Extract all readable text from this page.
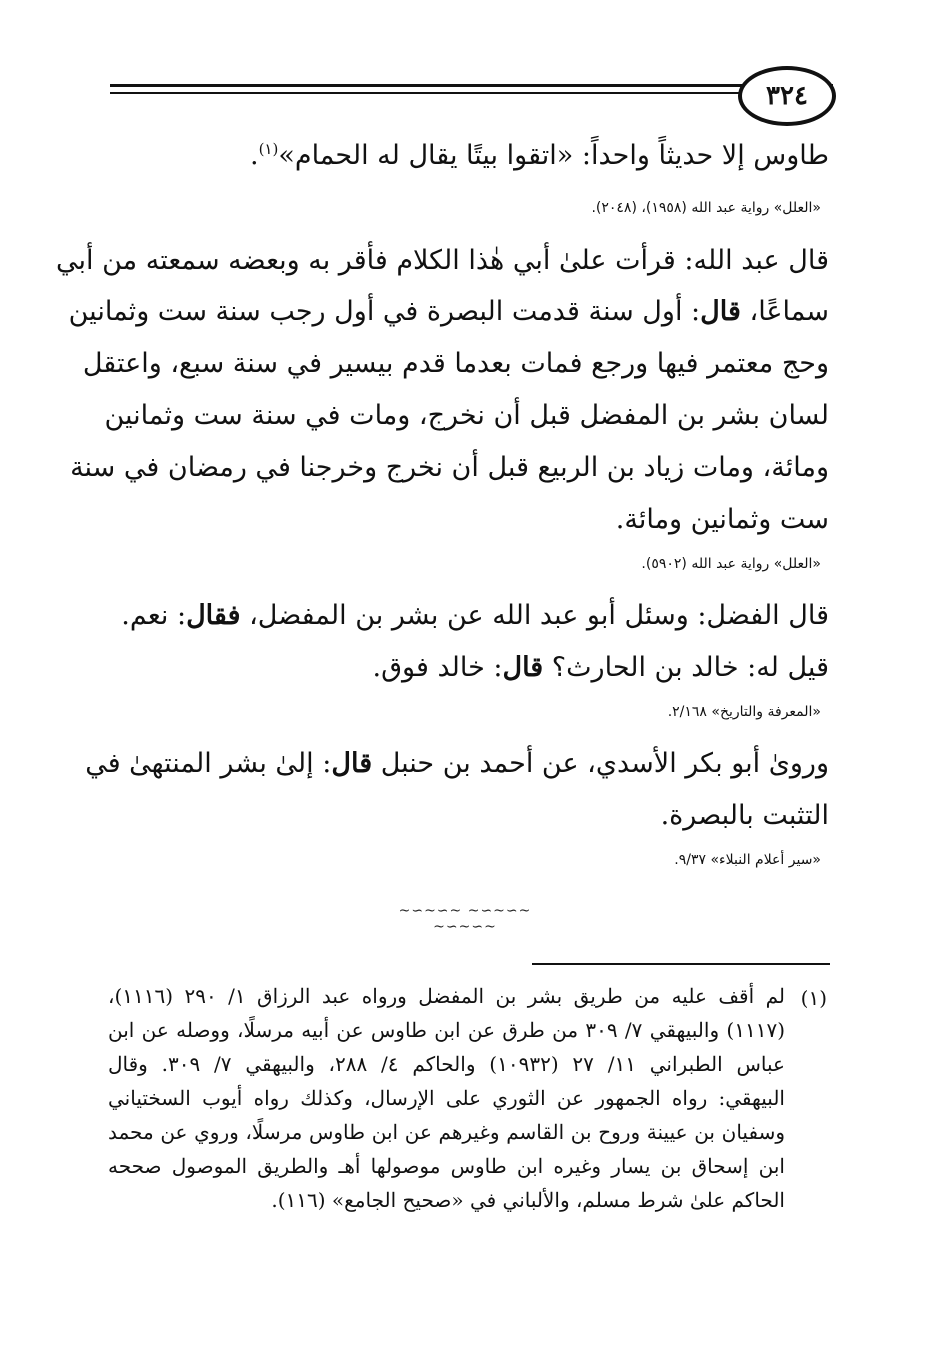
٣٢٤

طاوس إلا حديثاً واحداً: «اتقوا بيتًا يقال له الحمام»$^{(١)}$.

«العلل» رواية عبد الله (١٩٥٨)، (٢٠٤٨).

قال عبد الله: قرأت علىٰ أبي هٰذا الكلام فأقر به وبعضه سمعته من أبي

سماعًا، قال: أول سنة قدمت البصرة في أول رجب سنة ست وثمانين

وحج معتمر فيها ورجع فمات بعدما قدم بيسير في سنة سبع، واعتقل

لسان بشر بن المفضل قبل أن نخرج، ومات في سنة ست وثمانين

ومائة، ومات زياد بن الربيع قبل أن نخرج وخرجنا في رمضان في سنة

ست وثمانين ومائة.

«العلل» رواية عبد الله (٥٩٠٢).

قال الفضل: وسئل أبو عبد الله عن بشر بن المفضل، فقال: نعم.

قيل له: خالد بن الحارث؟ قال: خالد فوق.

«المعرفة والتاريخ» ٢/١٦٨.

وروىٰ أبو بكر الأسدي، عن أحمد بن حنبل قال: إلىٰ بشر المنتهىٰ في

التثبت بالبصرة.

«سير أعلام النبلاء» ٩/٣٧.

~∽~∽~ ~∽~∽~ ~∽~∽~
(١)

لم أقف عليه من طريق بشر بن المفضل ورواه عبد الرزاق ١/ ٢٩٠ (١١١٦)،

(١١١٧) والبيهقي ٧/ ٣٠٩ من طرق عن ابن طاوس عن أبيه مرسلًا، ووصله عن ابن

عباس الطبراني ١١/ ٢٧ (١٠٩٣٢) والحاكم ٤/ ٢٨٨، والبيهقي ٧/ ٣٠٩. وقال

البيهقي: رواه الجمهور عن الثوري على الإرسال، وكذلك رواه أيوب السختياني

وسفيان بن عيينة وروح بن القاسم وغيرهم عن ابن طاوس مرسلًا، وروي عن محمد

ابن إسحاق بن يسار وغيره ابن طاوس موصولها أهـ والطريق الموصول صححه

الحاكم علىٰ شرط مسلم، والألباني في «صحيح الجامع» (١١٦).
